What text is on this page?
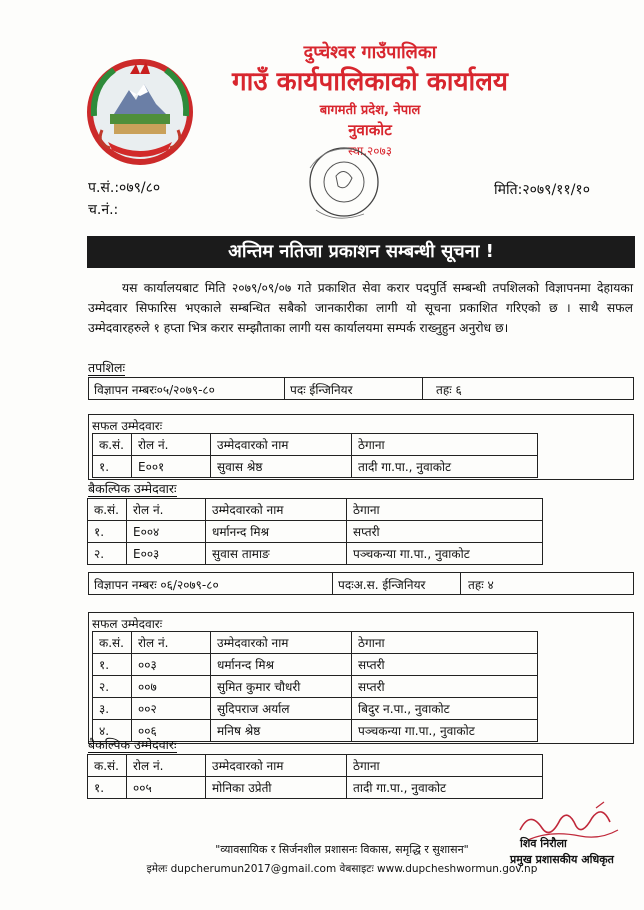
दुप्चेश्वर गाउँपालिका
गाउँ कार्यपालिकाको कार्यालय
बागमती प्रदेश, नेपाल
नुवाकोट
स्था.२०७३
प.सं.:०७९/८०
च.नं.:
मिति:२०७९/११/१०
अन्तिम नतिजा प्रकाशन सम्बन्धी सूचना !
यस कार्यालयबाट मिति २०७९/०९/०७ गते प्रकाशित सेवा करार पदपुर्ति सम्बन्धी तपशिलको विज्ञापनमा देहायका उम्मेदवार सिफारिस भएकाले सम्बन्धित सबैको जानकारीका लागी यो सूचना प्रकाशित गरिएको छ । साथै सफल उम्मेदवारहरुले १ हप्ता भित्र करार सम्झौताका लागी यस कार्यालयमा सम्पर्क राख्नुहुन अनुरोध छ।
तपशिलः
विज्ञापन नम्बरः०५/२०७९-८०	पदः ईन्जिनियर	तहः ६
सफल उम्मेदवारः
क.सं.	रोल नं.	उम्मेदवारको नाम	ठेगाना
१.	E००१	सुवास श्रेष्ठ	तादी गा.पा., नुवाकोट
बैकल्पिक उम्मेदवारः
क.सं.	रोल नं.	उम्मेदवारको नाम	ठेगाना
१.	E००४	धर्मानन्द मिश्र	सप्तरी
२.	E००३	सुवास तामाङ	पञ्चकन्या गा.पा., नुवाकोट
विज्ञापन नम्बरः ०६/२०७९-८०	पदःअ.स. ईन्जिनियर	तहः ४
सफल उम्मेदवारः
क.सं.	रोल नं.	उम्मेदवारको नाम	ठेगाना
१.	००३	धर्मानन्द मिश्र	सप्तरी
२.	००७	सुमित कुमार चौधरी	सप्तरी
३.	००२	सुदिपराज अर्याल	बिदुर न.पा., नुवाकोट
४.	००६	मनिष श्रेष्ठ	पञ्चकन्या गा.पा., नुवाकोट
बैकल्पिक उम्मेदवारः
क.सं.	रोल नं.	उम्मेदवारको नाम	ठेगाना
१.	००५	मोनिका उप्रेती	तादी गा.पा., नुवाकोट
शिव निरौला
प्रमुख प्रशासकीय अधिकृत
"व्यावसायिक र सिर्जनशील प्रशासनः विकास, समृद्धि र सुशासन"
इमेलः dupcherumun2017@gmail.com वेबसाइटः www.dupcheshwormun.gov.np
